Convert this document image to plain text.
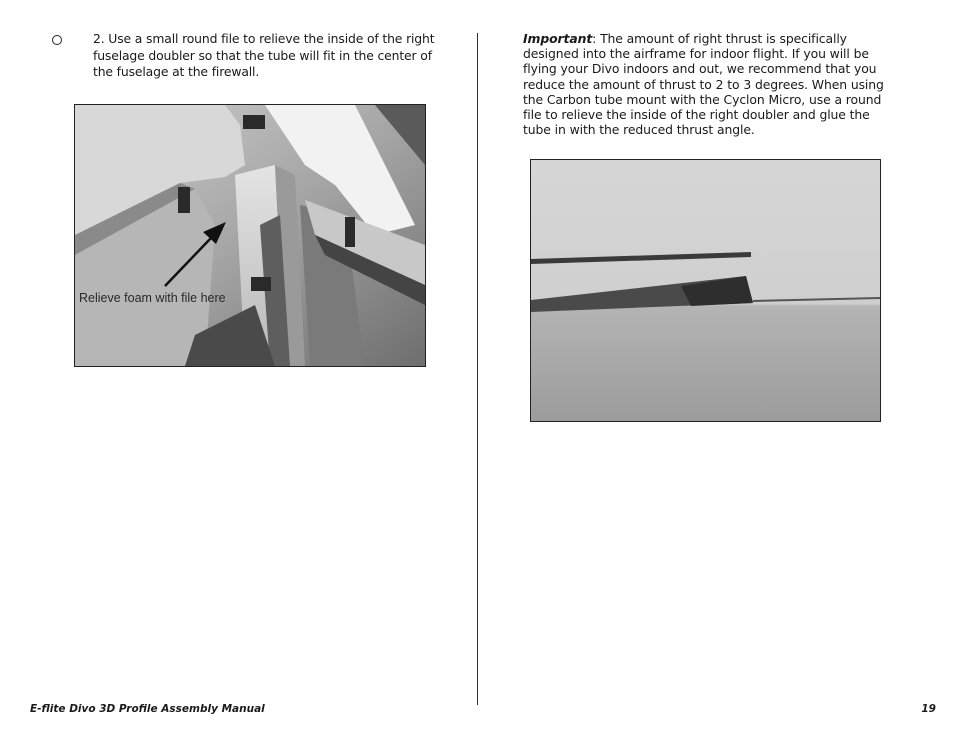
2. Use a small round file to relieve the inside of the right fuselage doubler so that the tube will fit in the center of the fuselage at the firewall.
Relieve foam with file here
Important: The amount of right thrust is specifically designed into the airframe for indoor flight. If you will be flying your Divo indoors and out, we recommend that you reduce the amount of thrust to 2 to 3 degrees. When using the Carbon tube mount with the Cyclon Micro, use a round file to relieve the inside of the right doubler and glue the tube in with the reduced thrust angle.
E-flite Divo 3D Profile Assembly Manual	19
